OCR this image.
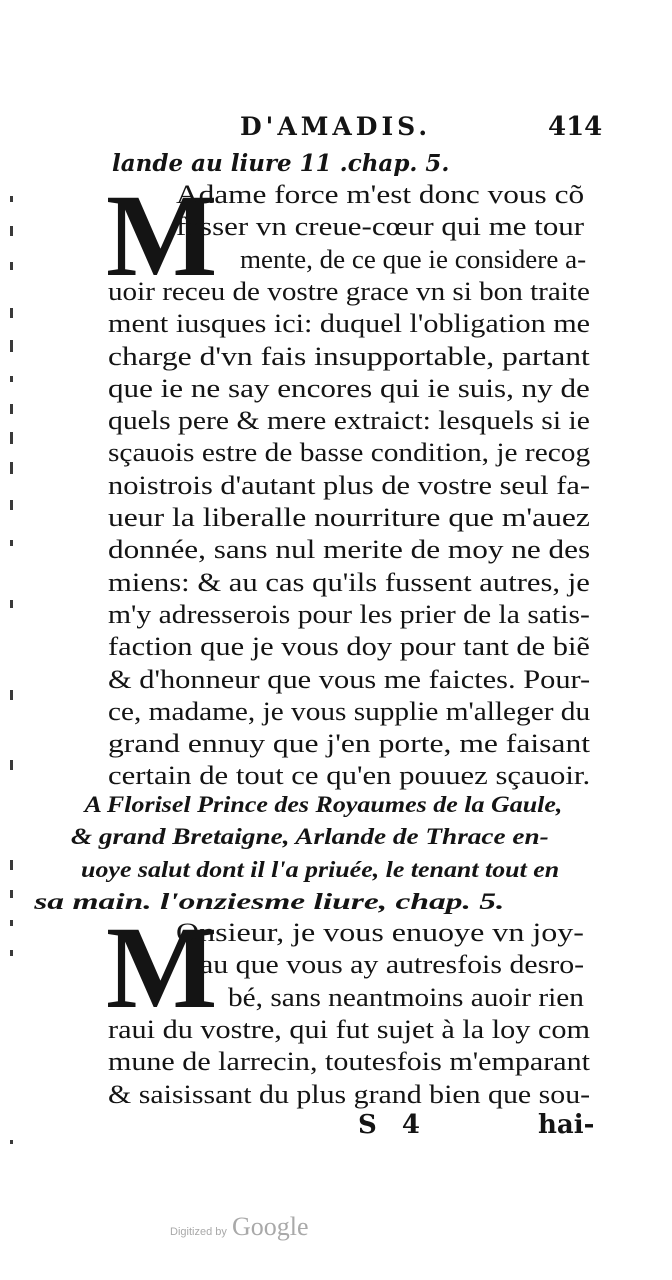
D'AMADIS.	414
lande au liure 11 .chap. 5.
M
Adame force m'est donc vous cõ
fesser vn creue-cœur qui me tour
mente, de ce que ie considere a-
uoir receu de vostre grace vn si bon traite
ment iusques ici: duquel l'obligation me
charge d'vn fais insupportable, partant
que ie ne say encores qui ie suis, ny de
quels pere & mere extraict: lesquels si ie
sçauois estre de basse condition, je recog
noistrois d'autant plus de vostre seul fa-
ueur la liberalle nourriture que m'auez
donnée, sans nul merite de moy ne des
miens: & au cas qu'ils fussent autres, je
m'y adresserois pour les prier de la satis-
faction que je vous doy pour tant de biẽ
& d'honneur que vous me faictes. Pour-
ce, madame, je vous supplie m'alleger du
grand ennuy que j'en porte, me faisant
certain de tout ce qu'en pouuez sçauoir.
A Florisel Prince des Royaumes de la Gaule,
& grand Bretaigne, Arlande de Thrace en-
uoye salut dont il l'a priuée, le tenant tout en
sa main. l'onziesme liure, chap. 5.
M
Onsieur, je vous enuoye vn joy-
au que vous ay autresfois desro-
bé, sans neantmoins auoir rien
raui du vostre, qui fut sujet à la loy com
mune de larrecin, toutesfois m'emparant
& saisissant du plus grand bien que sou-
S 4	hai-
Digitized by Google
